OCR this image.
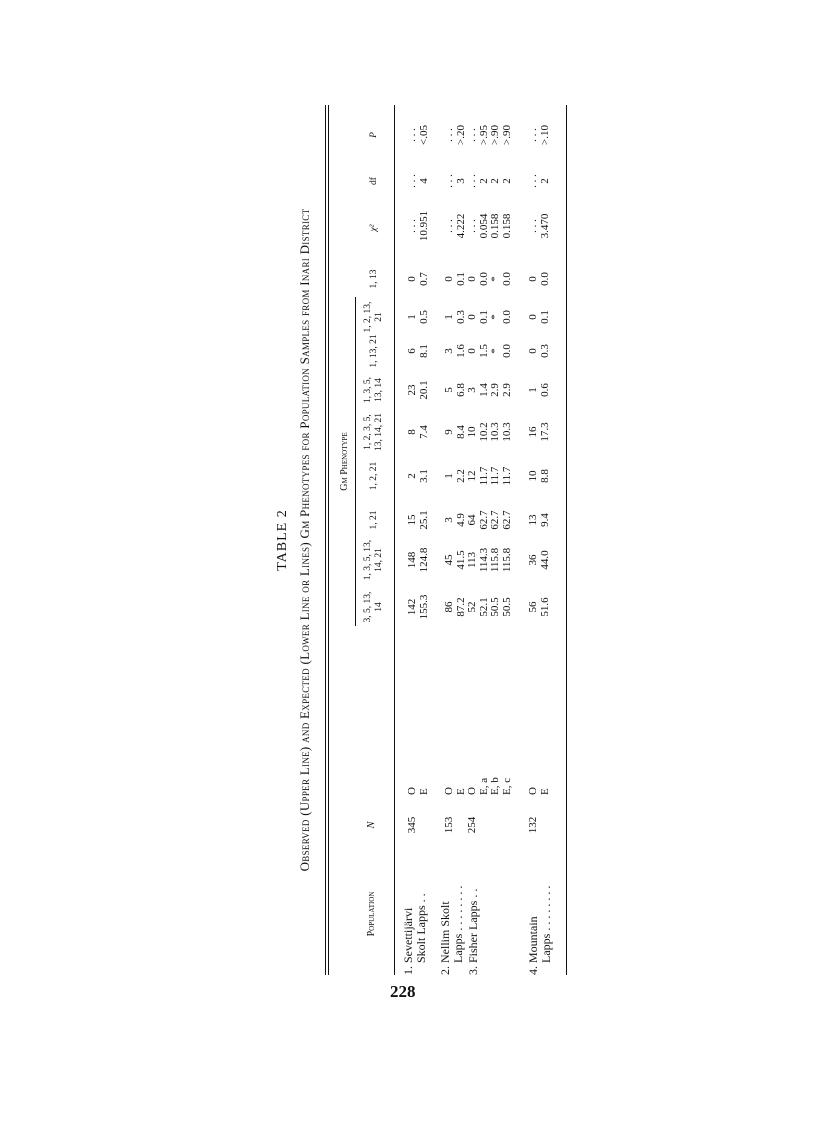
228
TABLE 2 Observed (Upper Line) and Expected (Lower Line or Lines) Gm Phenotypes for Population Samples from Inari District
Population
N
Gm Phenotype
3, 5, 13,
14
1, 3, 5, 13,
14, 21
1, 21
1, 2, 21
1, 2, 3, 5,
13, 14, 21
1, 3, 5,
13, 14
1, 13, 21
1, 2, 13,
21
1, 13
χ²
df
P
1. Sevettijärvi
Skolt Lapps . .
345
O
E
142
155.3
148
124.8
15
25.1
2
3.1
8
7.4
23
20.1
6
8.1
1
0.5
0
0.7
. . .
10.951
. . .
4
. . .
<.05
2. Nellim Skolt
Lapps . . . . . . . .
153
O
E
86
87.2
45
41.5
3
4.9
1
2.2
9
8.4
5
6.8
3
1.6
1
0.3
0
0.1
. . .
4.222
. . .
3
. . .
>.20
3. Fisher Lapps . .
254
O
E, a
E, b
E, c
52
52.1
50.5
50.5
113
114.3
115.8
115.8
64
62.7
62.7
62.7
12
11.7
11.7
11.7
10
10.2
10.3
10.3
3
1.4
2.9
2.9
0
1.5
*
0.0
0
0.1
*
0.0
0
0.0
*
0.0
. . .
0.054
0.158
0.158
. . .
2
2
2
. . .
>.95
>.90
>.90
4. Mountain
Lapps . . . . . . . .
132
O
E
56
51.6
36
44.0
13
9.4
10
8.8
16
17.3
1
0.6
0
0.3
0
0.1
0
0.0
. . .
3.470
. . .
2
. . .
>.10
